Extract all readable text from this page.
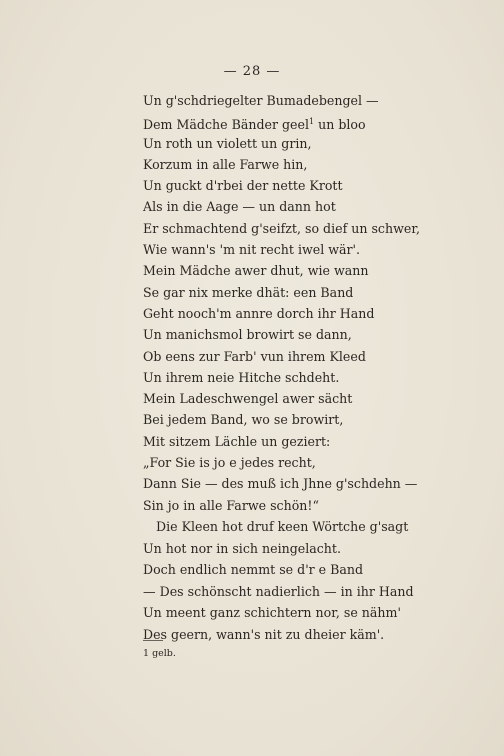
— 28 —
Un g'schdriegelter Bumadebengel —
Dem Mädche Bänder geel$^1$ un bloo
Un roth un violett un grin,
Korzum in alle Farwe hin,
Un guckt d'rbei der nette Krott
Als in die Aage — un dann hot
Er schmachtend g'seifzt, so dief un schwer,
Wie wann's 'm nit recht iwel wär'.
Mein Mädche awer dhut, wie wann
Se gar nix merke dhät: een Band
Geht nooch'm annre dorch ihr Hand
Un manichsmol browirt se dann,
Ob eens zur Farb' vun ihrem Kleed
Un ihrem neie Hitche schdeht.
Mein Ladeschwengel awer sächt
Bei jedem Band, wo se browirt,
Mit sitzem Lächle un geziert:
„For Sie is jo e jedes recht,
Dann Sie — des muß ich Jhne g'schdehn —
Sin jo in alle Farwe schön!“
Die Kleen hot druf keen Wörtche g'sagt
Un hot nor in sich neingelacht.
Doch endlich nemmt se d'r e Band
— Des schönscht nadierlich — in ihr Hand
Un meent ganz schichtern nor, se nähm'
Des geern, wann's nit zu dheier käm'.
1 gelb.
